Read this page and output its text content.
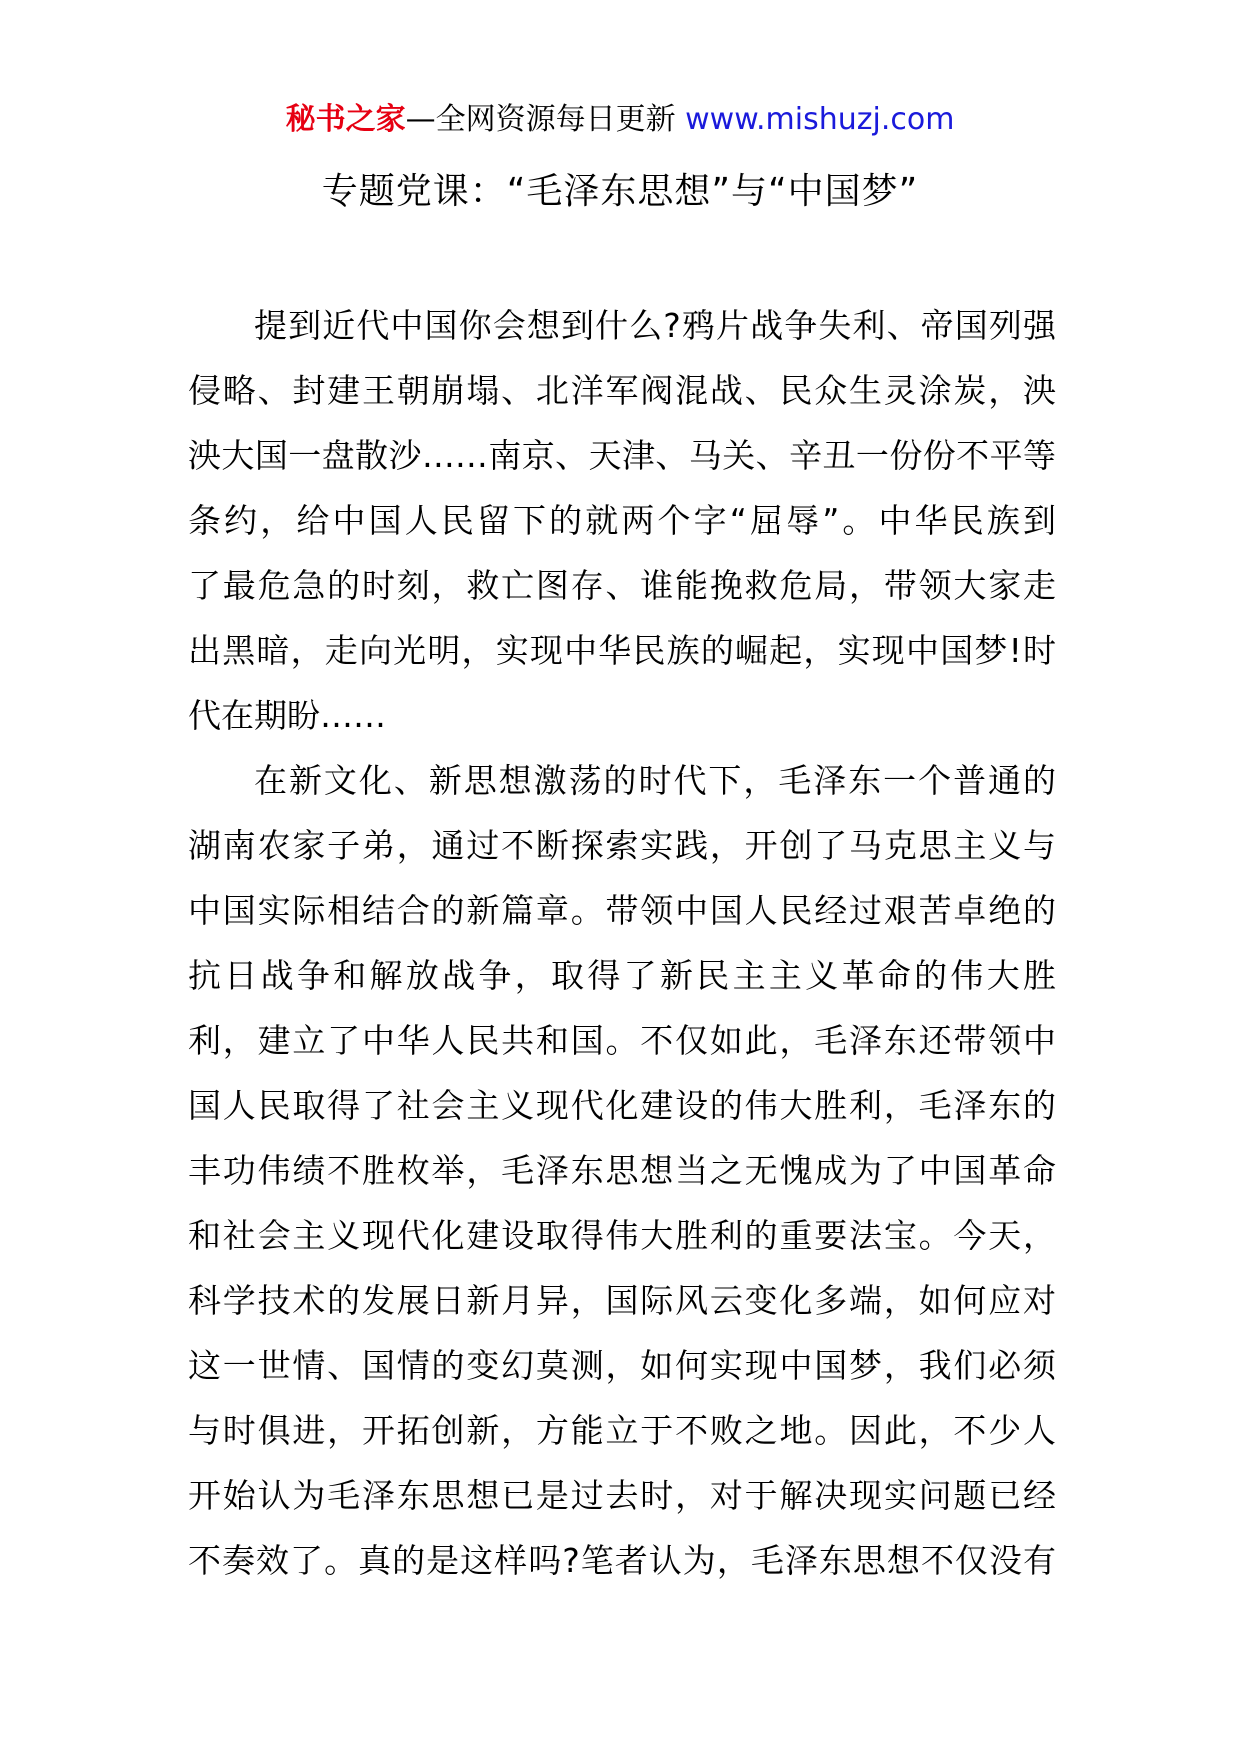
秘书之家—全网资源每日更新 www.mishuzj.com
专题党课：“毛泽东思想”与“中国梦”
提到近代中国你会想到什么?鸦片战争失利、帝国列强
侵略、封建王朝崩塌、北洋军阀混战、民众生灵涂炭，泱
泱大国一盘散沙……南京、天津、马关、辛丑一份份不平等
条约，给中国人民留下的就两个字“屈辱”。中华民族到
了最危急的时刻，救亡图存、谁能挽救危局，带领大家走
出黑暗，走向光明，实现中华民族的崛起，实现中国梦!时
代在期盼……
在新文化、新思想激荡的时代下，毛泽东一个普通的
湖南农家子弟，通过不断探索实践，开创了马克思主义与
中国实际相结合的新篇章。带领中国人民经过艰苦卓绝的
抗日战争和解放战争，取得了新民主主义革命的伟大胜
利，建立了中华人民共和国。不仅如此，毛泽东还带领中
国人民取得了社会主义现代化建设的伟大胜利，毛泽东的
丰功伟绩不胜枚举，毛泽东思想当之无愧成为了中国革命
和社会主义现代化建设取得伟大胜利的重要法宝。今天，
科学技术的发展日新月异，国际风云变化多端，如何应对
这一世情、国情的变幻莫测，如何实现中国梦，我们必须
与时俱进，开拓创新，方能立于不败之地。因此，不少人
开始认为毛泽东思想已是过去时，对于解决现实问题已经
不奏效了。真的是这样吗?笔者认为，毛泽东思想不仅没有
